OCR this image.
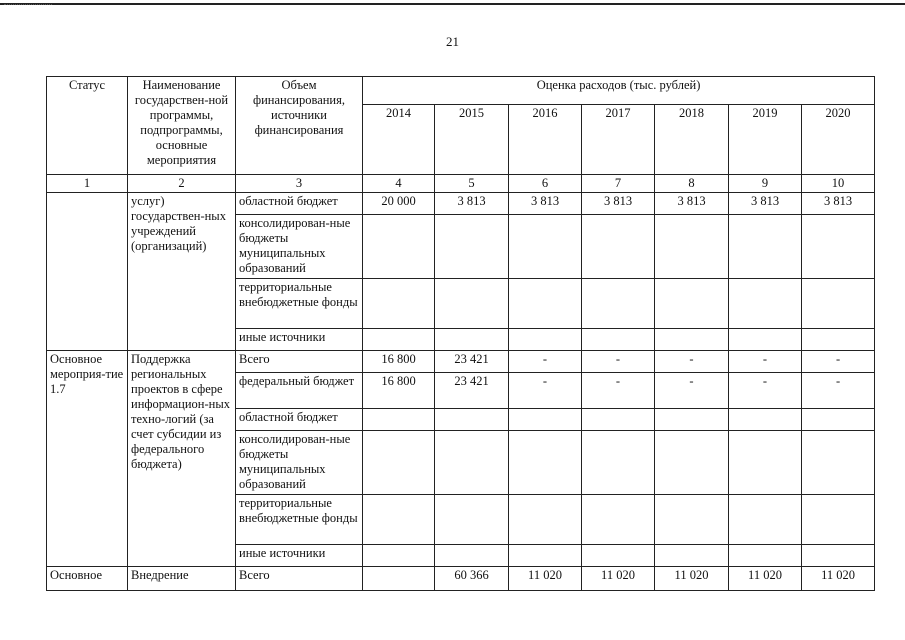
21
Статус	Наименование государствен-ной программы, подпрограммы, основные мероприятия	Объем финансирования, источники финансирования	Оценка расходов (тыс. рублей)						
			2014	2015	2016	2017	2018	2019	2020
1	2	3	4	5	6	7	8	9	10
	услуг) государствен-ных учреждений (организаций)	областной бюджет	20 000	3 813	3 813	3 813	3 813	3 813	3 813
		консолидирован-ные бюджеты муниципальных образований							
		территориальные внебюджетные фонды							
		иные источники							
Основное мероприя-тие 1.7	Поддержка региональных проектов в сфере информацион-ных техно-логий (за счет субсидии из федерального бюджета)	Всего	16 800	23 421	-	-	-	-	-
		федеральный бюджет	16 800	23 421	-	-	-	-	-
		областной бюджет							
		консолидирован-ные бюджеты муниципальных образований							
		территориальные внебюджетные фонды							
		иные источники							
Основное	Внедрение	Всего		60 366	11 020	11 020	11 020	11 020	11 020
